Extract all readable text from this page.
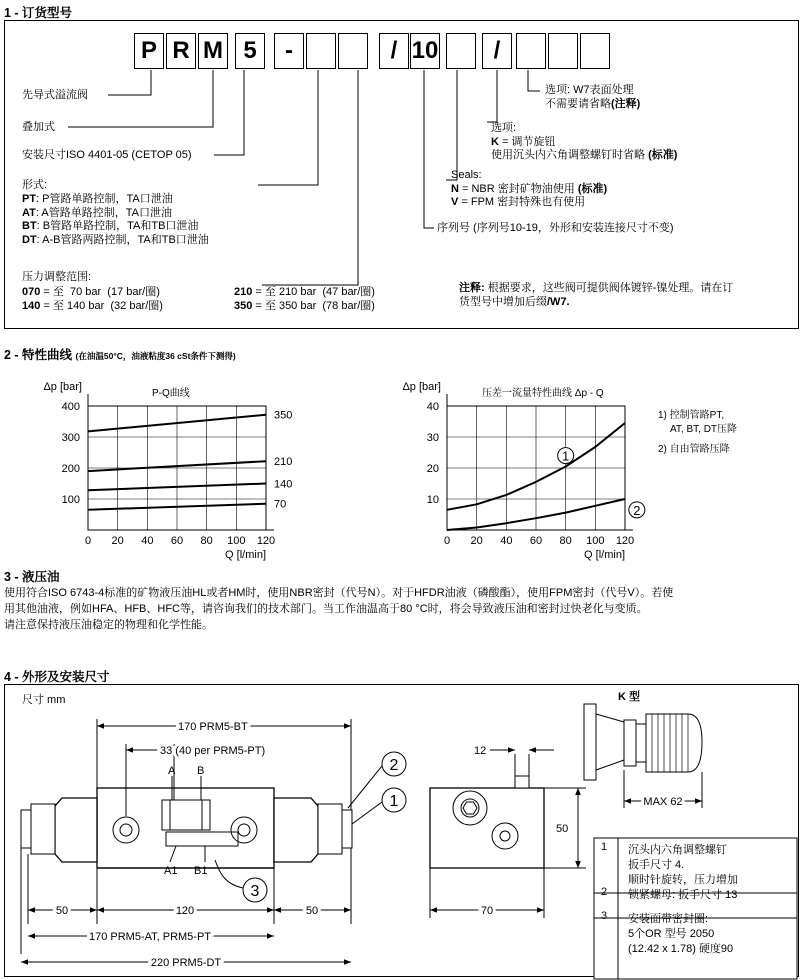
1 - 订货型号
P R M 5	-	/ 10	/
先导式溢流阀
叠加式
安装尺寸ISO 4401-05 (CETOP 05)
形式:
PT: P管路单路控制，TA口泄油
AT: A管路单路控制，TA口泄油
BT: B管路单路控制，TA和TB口泄油
DT: A-B管路两路控制，TA和TB口泄油
压力调整范围:
070 = 至  70 bar  (17 bar/圈)
140 = 至 140 bar  (32 bar/圈)
210 = 至 210 bar  (47 bar/圈)
350 = 至 350 bar  (78 bar/圈)
选项: W7表面处理
不需要请省略(注释)
选项:
K = 调节旋钮
使用沉头内六角调整螺钉时省略 (标准)
Seals:
N = NBR 密封矿物油使用 (标准)
V = FPM 密封特殊也有使用
序列号 (序列号10-19，外形和安装连接尺寸不变)
注释: 根据要求，这些阀可提供阀体镀锌-镍处理。请在订
货型号中增加后缀/W7.
2 - 特性曲线 (在油温50°C，油液粘度36 cSt条件下测得)
0 20 40 60 80 100 120
100
200
300
400
Δp [bar]
Q [l/min]
P-Q曲线
350
210
140
70
0 20 40 60 80 100 120
10
20
30
40
Δp [bar]
Q [l/min]
压差一流量特性曲线 Δp - Q
1
2
1) 控制管路PT,
AT, BT, DT压降
2) 自由管路压降
3 - 液压油
使用符合ISO 6743-4标准的矿物液压油HL或者HM时，使用NBR密封（代号N）。对于HFDR油液（磷酸酯），使用FPM密封（代号V）。若使
用其他油液，例如HFA、HFB、HFC等，请咨询我们的技术部门。当工作油温高于80 °C时，将会导致液压油和密封过快老化与变质。
请注意保持液压油稳定的物理和化学性能。
4 - 外形及安装尺寸
尺寸 mm
170 PRM5-BT
33 (40 per PRM5-PT)
A B
A1 B1
50	120	50
170 PRM5-AT, PRM5-PT
220 PRM5-DT
12
50
70
MAX 62
K 型
2
1
3
1 沉头内六角调整螺钉
扳手尺寸 4.
顺时针旋转，压力增加
2 锁紧螺母: 扳手尺寸 13
3 安装面带密封圈:
5个OR 型号 2050
(12.42 x 1.78) 硬度90
